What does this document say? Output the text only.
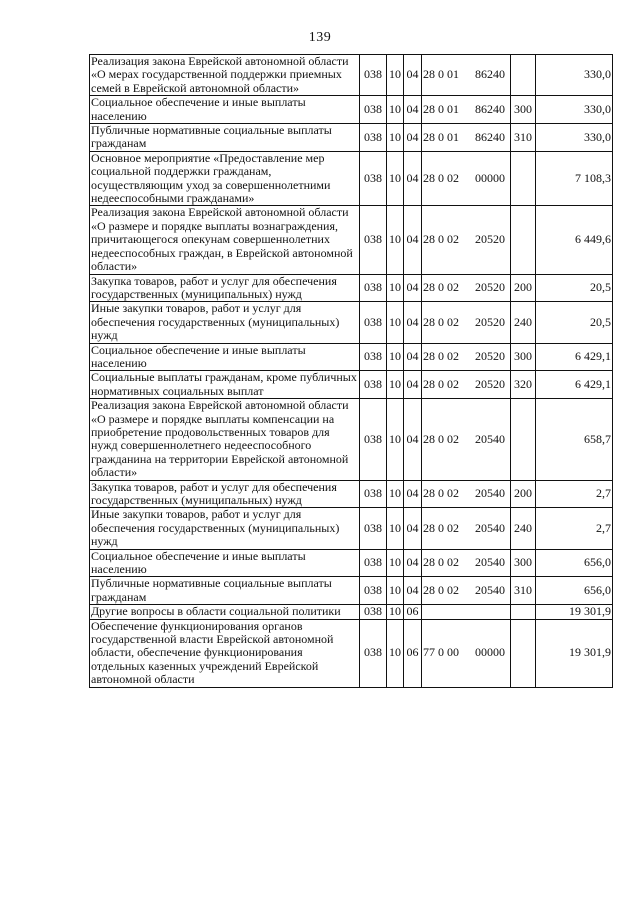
139
Реализация закона Еврейской автономной области «О мерах государственной поддержки приемных семей в Еврейской автономной области»	038	10	04	28 0 01 86240		330,0
Социальное обеспечение и иные выплаты населению	038	10	04	28 0 01 86240	300	330,0
Публичные нормативные социальные выплаты гражданам	038	10	04	28 0 01 86240	310	330,0
Основное мероприятие «Предоставление мер социальной поддержки гражданам, осуществляющим уход за совершеннолетними недееспособными гражданами»	038	10	04	28 0 02 00000		7 108,3
Реализация закона Еврейской автономной области «О размере и порядке выплаты вознаграждения, причитающегося опекунам совершеннолетних недееспособных граждан, в Еврейской автономной области»	038	10	04	28 0 02 20520		6 449,6
Закупка товаров, работ и услуг для обеспечения государственных (муниципальных) нужд	038	10	04	28 0 02 20520	200	20,5
Иные закупки товаров, работ и услуг для обеспечения государственных (муниципальных) нужд	038	10	04	28 0 02 20520	240	20,5
Социальное обеспечение и иные выплаты населению	038	10	04	28 0 02 20520	300	6 429,1
Социальные выплаты гражданам, кроме публичных нормативных социальных выплат	038	10	04	28 0 02 20520	320	6 429,1
Реализация закона Еврейской автономной области «О размере и порядке выплаты компенсации на приобретение продовольственных товаров для нужд совершеннолетнего недееспособного гражданина на территории Еврейской автономной области»	038	10	04	28 0 02 20540		658,7
Закупка товаров, работ и услуг для обеспечения государственных (муниципальных) нужд	038	10	04	28 0 02 20540	200	2,7
Иные закупки товаров, работ и услуг для обеспечения государственных (муниципальных) нужд	038	10	04	28 0 02 20540	240	2,7
Социальное обеспечение и иные выплаты населению	038	10	04	28 0 02 20540	300	656,0
Публичные нормативные социальные выплаты гражданам	038	10	04	28 0 02 20540	310	656,0
Другие вопросы в области социальной политики	038	10	06			19 301,9
Обеспечение функционирования органов государственной власти Еврейской автономной области, обеспечение функционирования отдельных казенных учреждений Еврейской автономной области	038	10	06	77 0 00 00000		19 301,9
